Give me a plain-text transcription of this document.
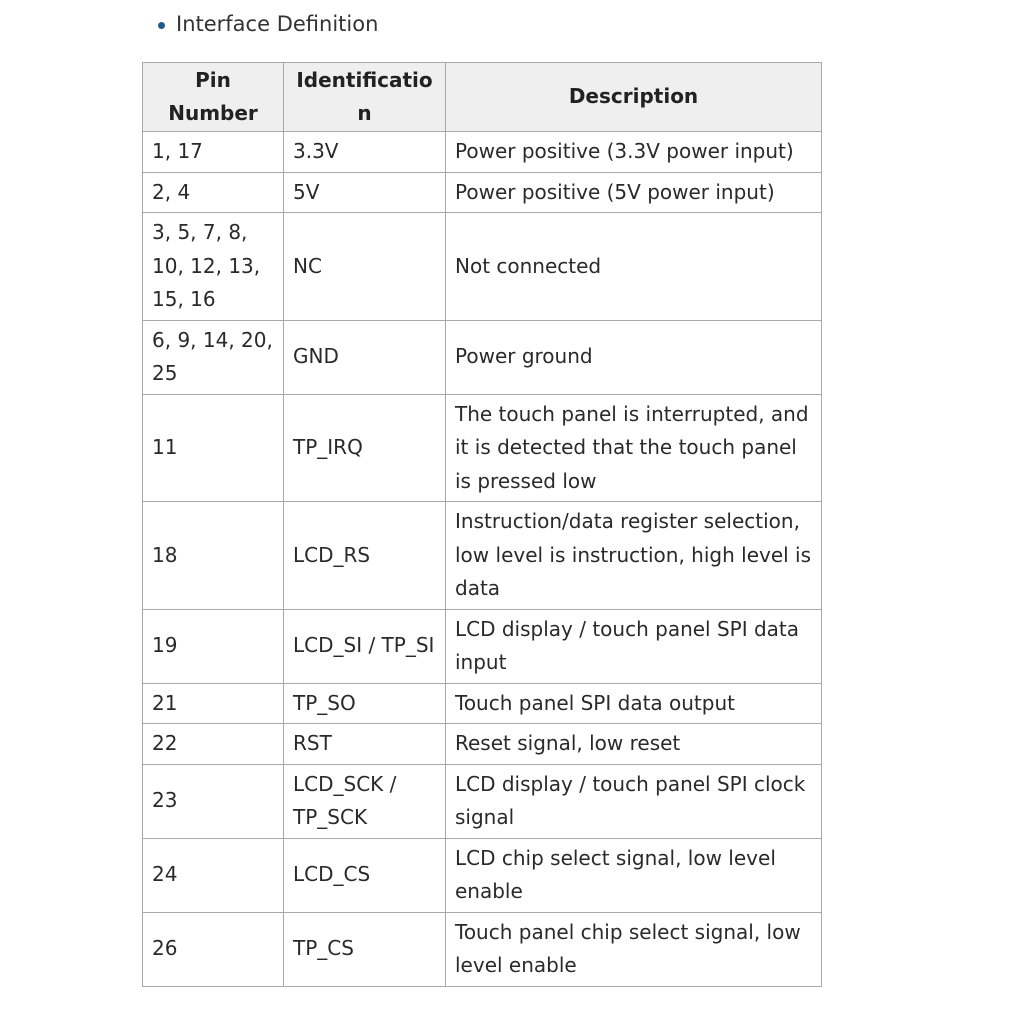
Interface Definition
Pin Number	Identification	Description
1, 17	3.3V	Power positive (3.3V power input)
2, 4	5V	Power positive (5V power input)
3, 5, 7, 8, 10, 12, 13, 15, 16	NC	Not connected
6, 9, 14, 20, 25	GND	Power ground
11	TP_IRQ	The touch panel is interrupted, and it is detected that the touch panel is pressed low
18	LCD_RS	Instruction/data register selection, low level is instruction, high level is data
19	LCD_SI / TP_SI	LCD display / touch panel SPI data input
21	TP_SO	Touch panel SPI data output
22	RST	Reset signal, low reset
23	LCD_SCK / TP_SCK	LCD display / touch panel SPI clock signal
24	LCD_CS	LCD chip select signal, low level enable
26	TP_CS	Touch panel chip select signal, low level enable
